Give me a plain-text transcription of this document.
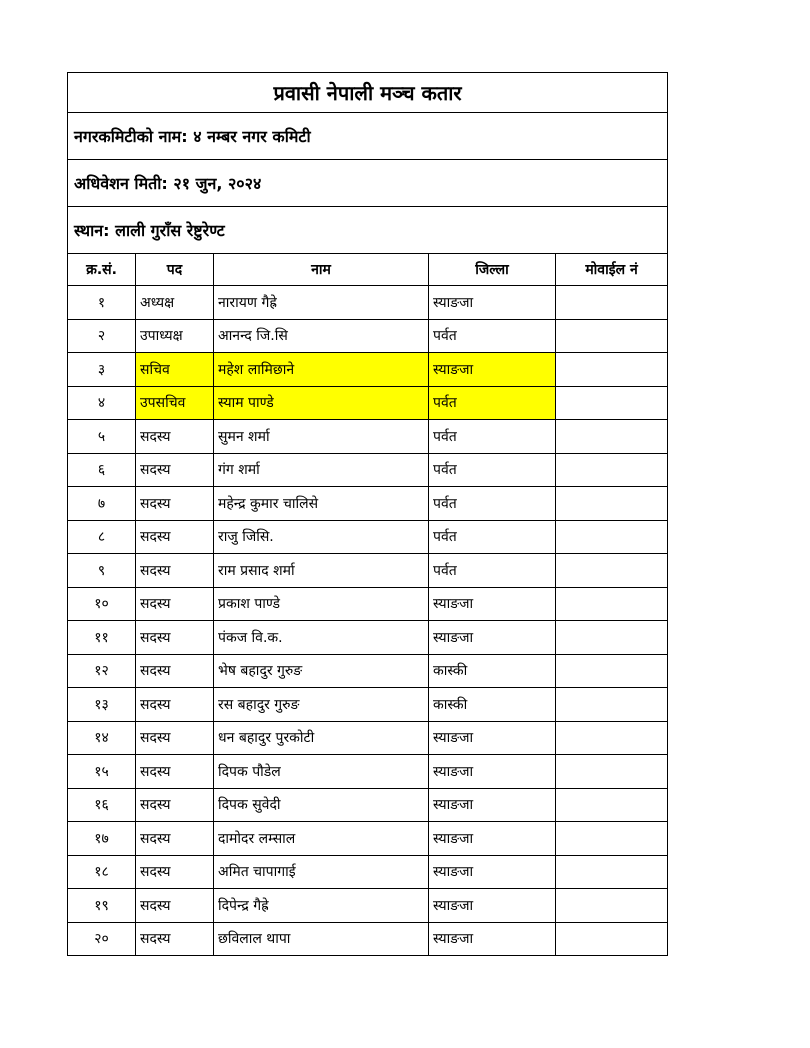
प्रवासी नेपाली मञ्च कतार				
नगरकमिटीको नाम: ४ नम्बर नगर कमिटी				
अधिवेशन मिती: २१ जुन, २०२४				
स्थान: लाली गुराँस रेष्टुरेण्ट				
क्र.सं.	पद	नाम	जिल्ला	मोवाईल नं
१	अध्यक्ष	नारायण गैह्रे	स्याङजा	
२	उपाध्यक्ष	आनन्द जि.सि	पर्वत	
३	सचिव	महेश लामिछाने	स्याङजा	
४	उपसचिव	स्याम पाण्डे	पर्वत	
५	सदस्य	सुमन शर्मा	पर्वत	
६	सदस्य	गंग शर्मा	पर्वत	
७	सदस्य	महेन्द्र कुमार चालिसे	पर्वत	
८	सदस्य	राजु जिसि.	पर्वत	
९	सदस्य	राम प्रसाद शर्मा	पर्वत	
१०	सदस्य	प्रकाश पाण्डे	स्याङजा	
११	सदस्य	पंकज वि.क.	स्याङजा	
१२	सदस्य	भेष बहादुर गुरुङ	कास्की	
१३	सदस्य	रस बहादुर गुरुङ	कास्की	
१४	सदस्य	धन बहादुर पुरकोटी	स्याङजा	
१५	सदस्य	दिपक पौडेल	स्याङजा	
१६	सदस्य	दिपक सुवेदी	स्याङजा	
१७	सदस्य	दामोदर लम्साल	स्याङजा	
१८	सदस्य	अमित चापागाई	स्याङजा	
१९	सदस्य	दिपेन्द्र गैह्रे	स्याङजा	
२०	सदस्य	छविलाल थापा	स्याङजा	
